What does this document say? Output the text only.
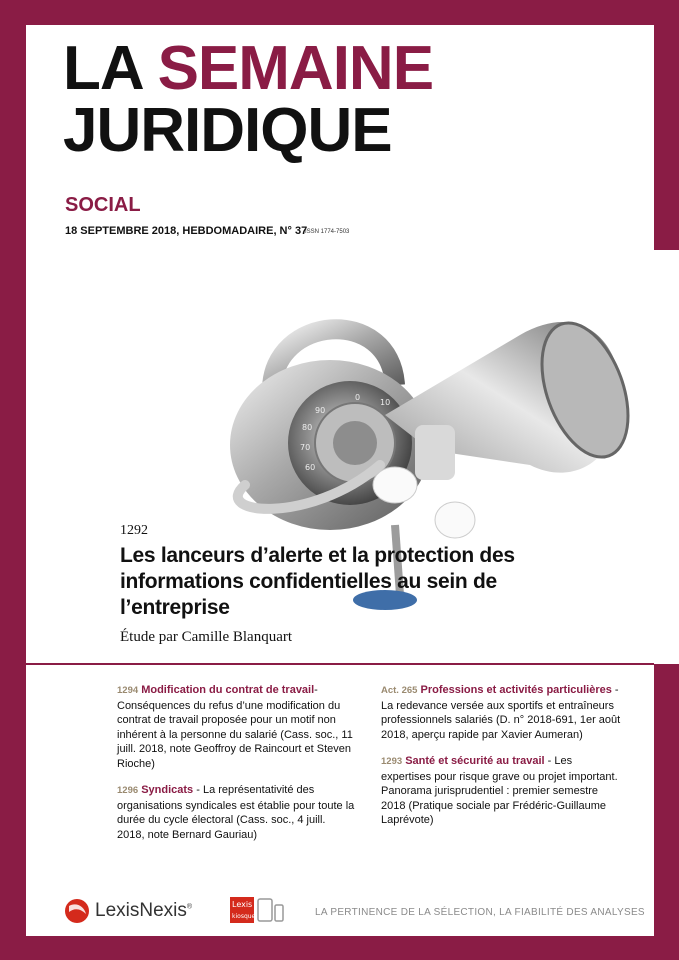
LA SEMAINE
JURIDIQUE
SOCIAL
18 SEPTEMBRE 2018, HEBDOMADAIRE, N° 37
ISSN 1774-7503
90
80
70
60
0
10
1292
Les lanceurs d’alerte et la protection des informations confidentielles au sein de l’entreprise
Étude par Camille Blanquart
1294 Modification du contrat de travail- Conséquences du refus d’une modification du contrat de travail proposée pour un motif non inhérent à la personne du salarié (Cass. soc., 11 juill. 2018, note Geoffroy de Raincourt et Steven Rioche)
1296 Syndicats - La représentativité des organisations syndicales est établie pour toute la durée du cycle électoral (Cass. soc., 4 juill. 2018, note Bernard Gauriau)
Act. 265 Professions et activités particulières - La redevance versée aux sportifs et entraîneurs professionnels salariés (D. n° 2018-691, 1er août 2018, aperçu rapide par Xavier Aumeran)
1293 Santé et sécurité au travail - Les expertises pour risque grave ou projet important. Panorama jurisprudentiel : premier semestre 2018 (Pratique sociale par Frédéric-Guillaume Laprévote)
LexisNexis®	Lexis
kiosque	LA PERTINENCE DE LA SÉLECTION, LA FIABILITÉ DES ANALYSES
